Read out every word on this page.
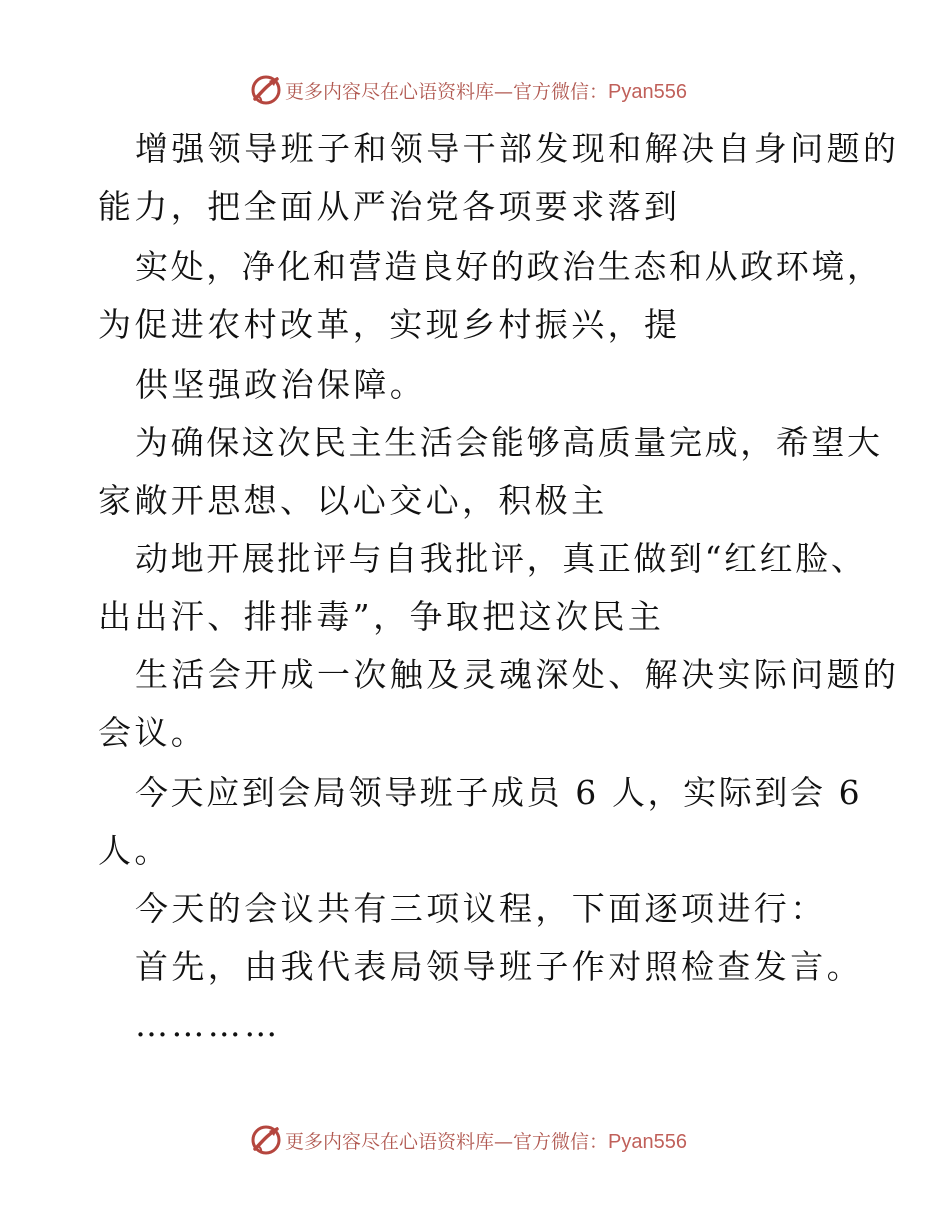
更多内容尽在心语资料库—官方微信：Pyan556
增强领导班子和领导干部发现和解决自身问题的
能力，把全面从严治党各项要求落到
实处，净化和营造良好的政治生态和从政环境，
为促进农村改革，实现乡村振兴，提
供坚强政治保障。
为确保这次民主生活会能够高质量完成，希望大
家敞开思想、以心交心，积极主
动地开展批评与自我批评，真正做到“红红脸、
出出汗、排排毒”，争取把这次民主
生活会开成一次触及灵魂深处、解决实际问题的
会议。
今天应到会局领导班子成员 6 人，实际到会 6
人。
今天的会议共有三项议程，下面逐项进行：
首先，由我代表局领导班子作对照检查发言。
…………
更多内容尽在心语资料库—官方微信：Pyan556
